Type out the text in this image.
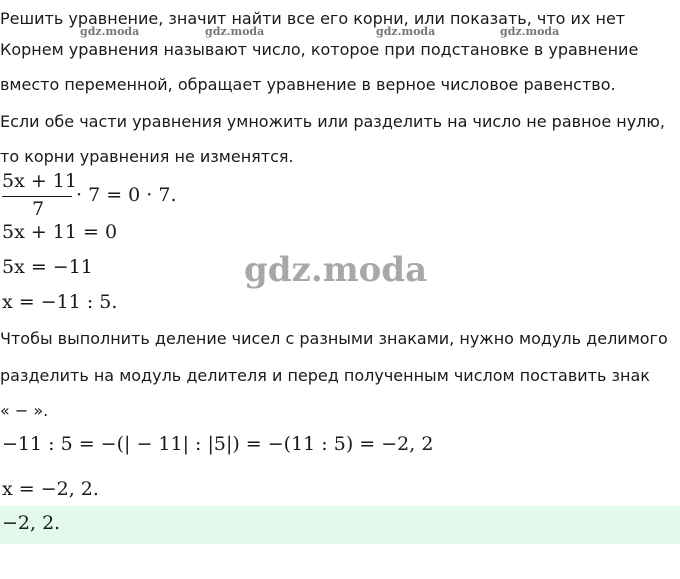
Решить уравнение, значит найти все его корни, или показать, что их нет
gdz.moda	gdz.moda	gdz.moda	gdz.moda
Корнем уравнения называют число, которое при подстановке в уравнение
вместо переменной, обращает уравнение в верное числовое равенство.
Если обе части уравнения умножить или разделить на число не равное нулю,
то корни уравнения не изменятся.
5x + 11
7
· 7 = 0 · 7.
5x + 11 = 0
5x = −11	gdz.moda
x = −11 : 5.
Чтобы выполнить деление чисел с разными знаками, нужно модуль делимого
разделить на модуль делителя и перед полученным числом поставить знак
« − ».
−11 : 5 = −(| − 11| : |5|) = −(11 : 5) = −2, 2
x = −2, 2.
−2, 2.
